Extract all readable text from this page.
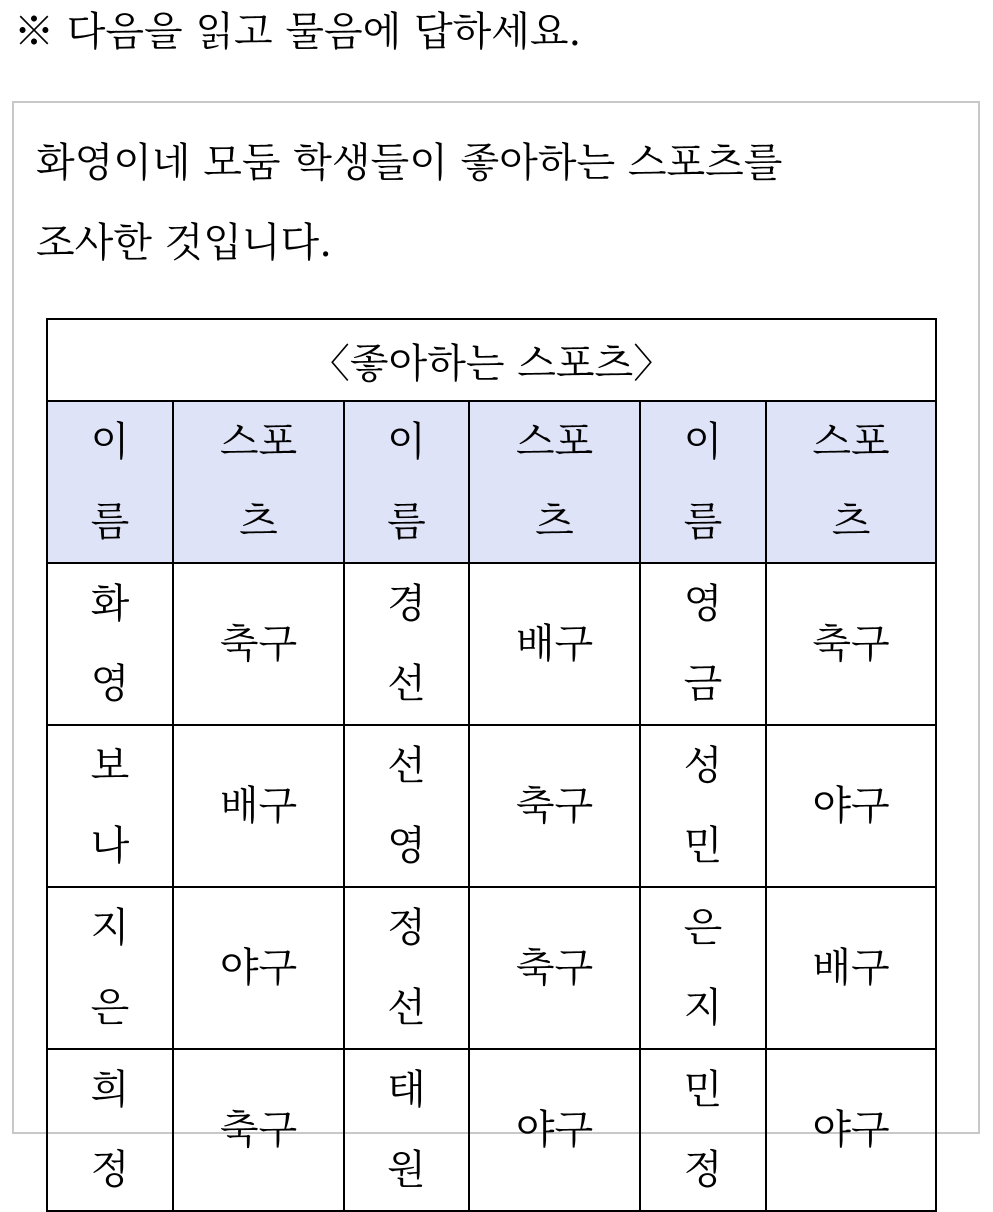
※ 다음을 읽고 물음에 답하세요.

화영이네 모둠 학생들이 좋아하는 스포츠를
조사한 것입니다.

〈좋아하는 스포츠〉					
이름	스포츠	이름	스포츠	이름	스포츠
화영	축구	경선	배구	영금	축구
보나	배구	선영	축구	성민	야구
지은	야구	정선	축구	은지	배구
희정	축구	태원	야구	민정	야구
